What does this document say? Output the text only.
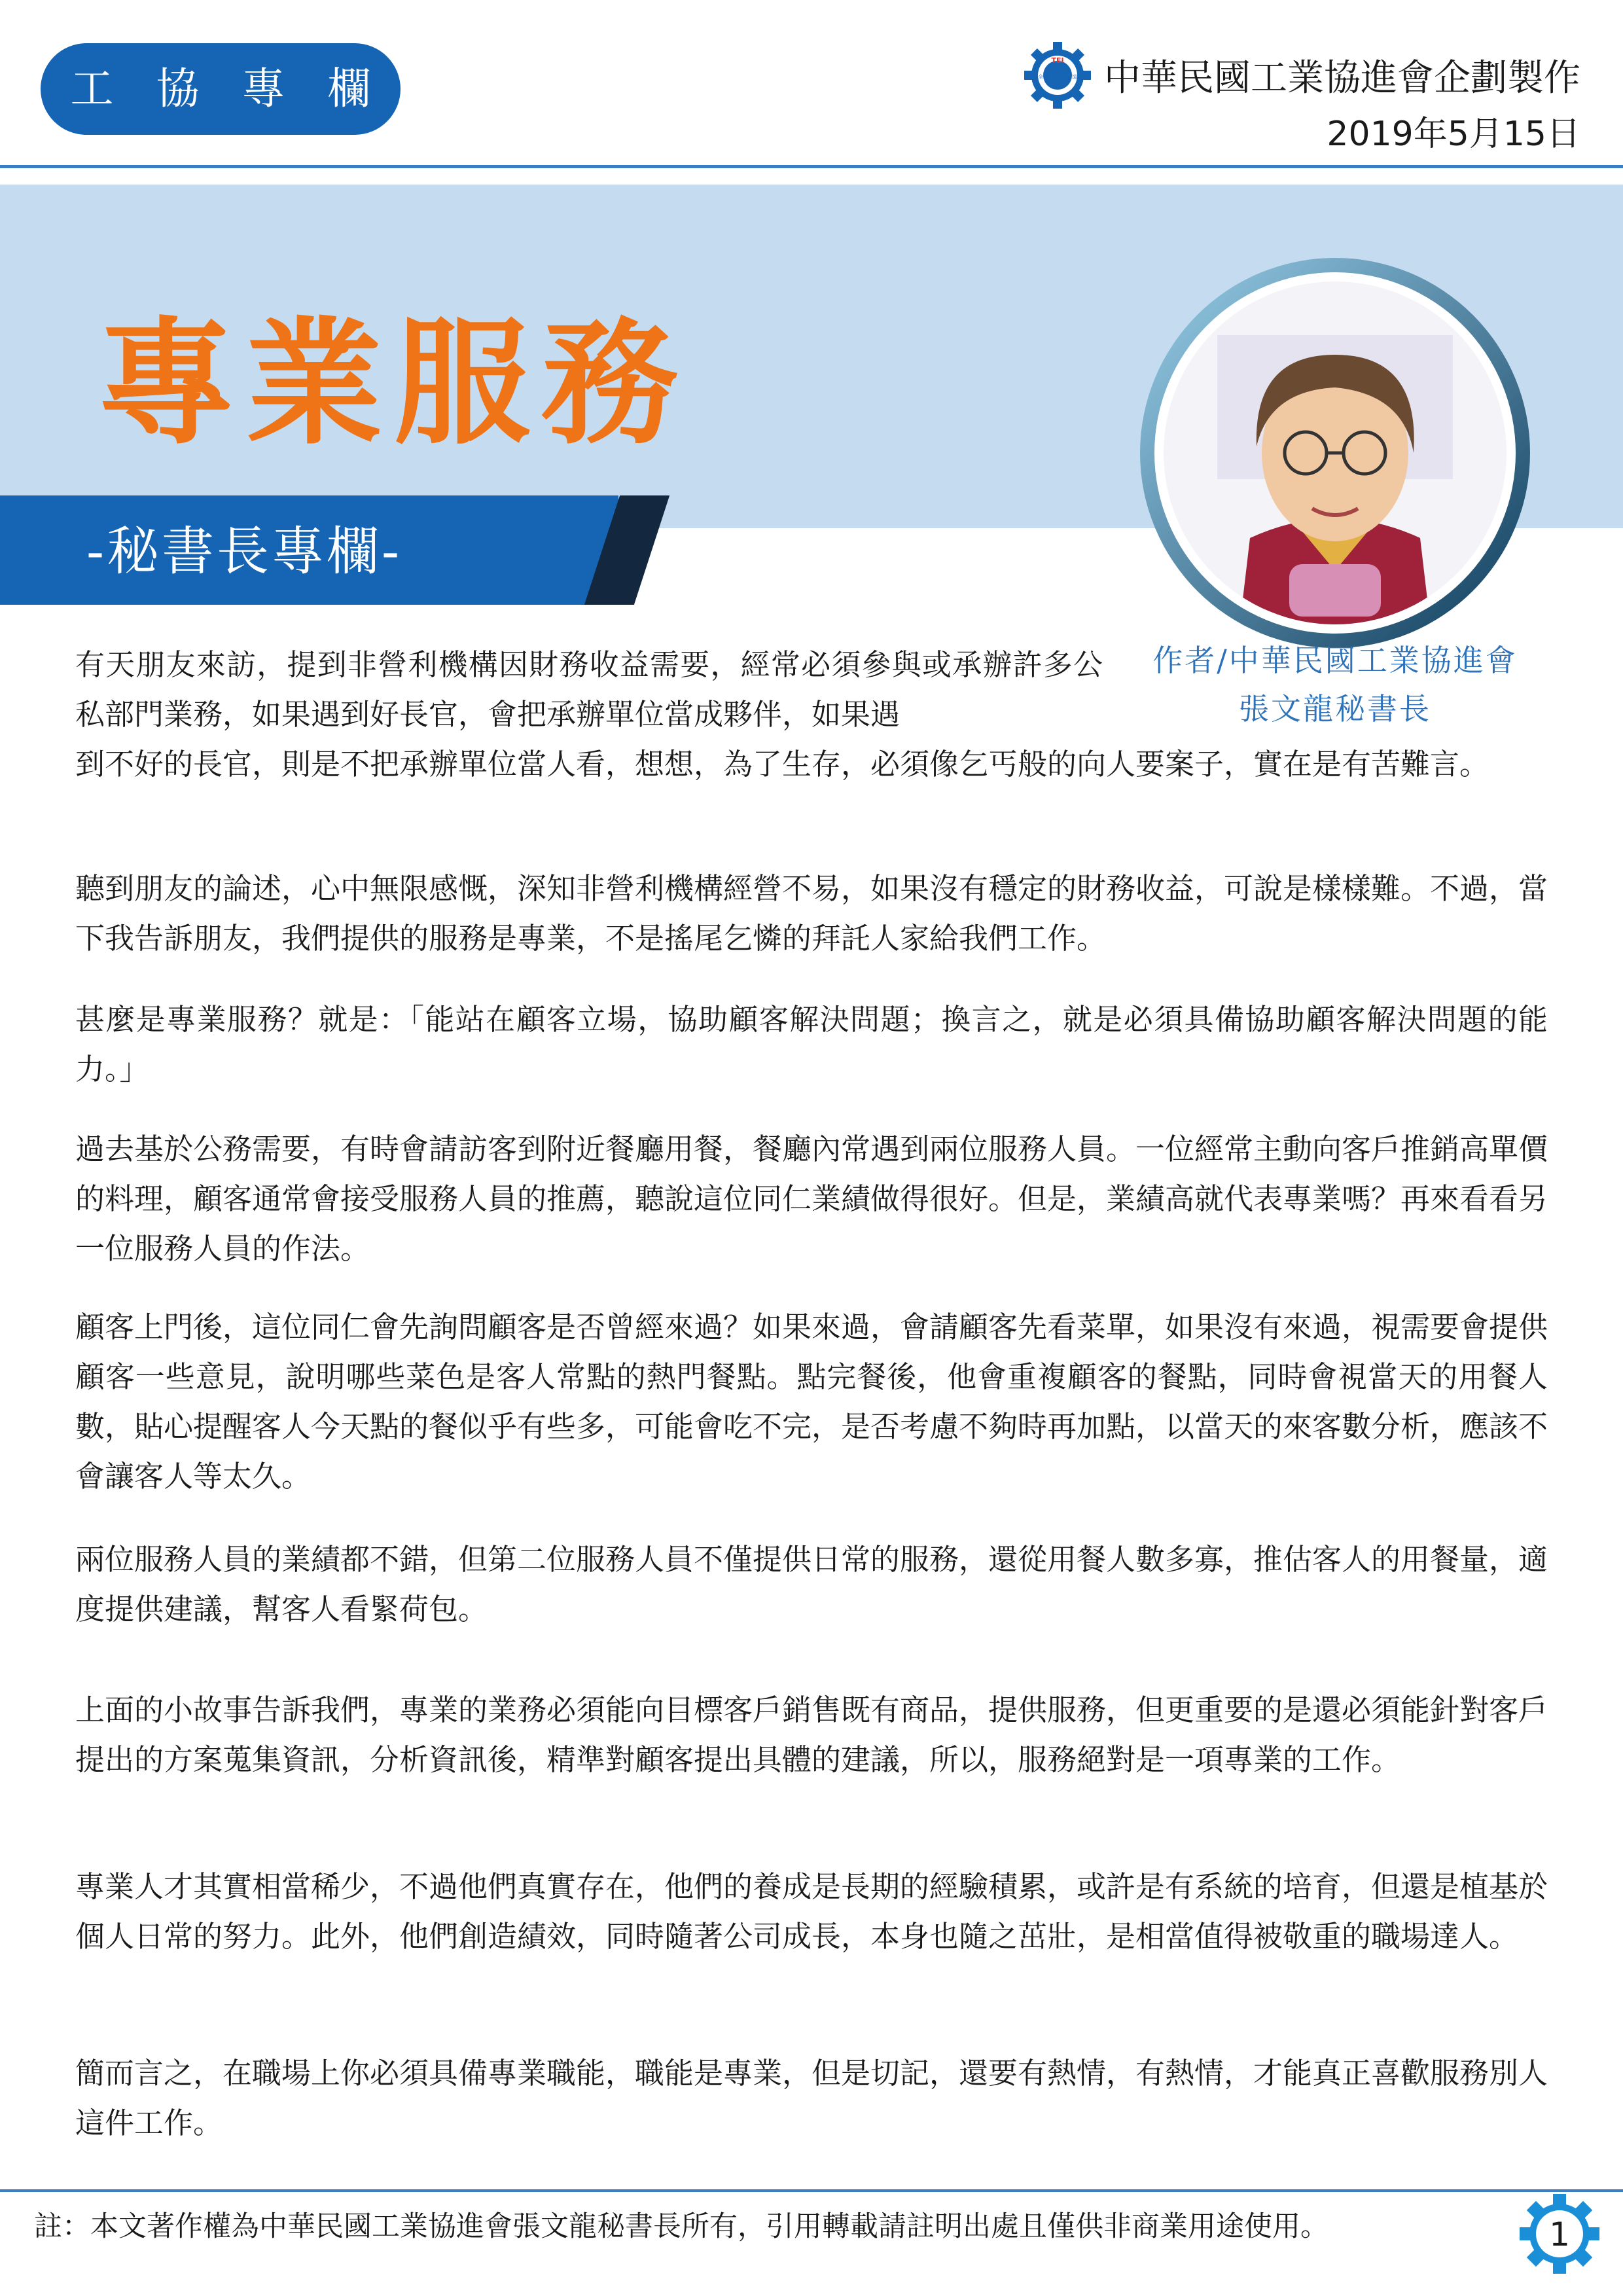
工 協 專 欄
TEI
全國	工協 中華民國工業協進會企劃製作
2019年5月15日
專業服務
-秘書長專欄-
作者/中華民國工業協進會
張文龍秘書長

有天朋友來訪，提到非營利機構因財務收益需要，經常必須參與或承辦許多公私部門業務，如果遇到好長官，會把承辦單位當成夥伴，如果遇

到不好的長官，則是不把承辦單位當人看，想想，為了生存，必須像乞丐般的向人要案子，實在是有苦難言。

聽到朋友的論述，心中無限感慨，深知非營利機構經營不易，如果沒有穩定的財務收益，可說是樣樣難。不過，當下我告訴朋友，我們提供的服務是專業，不是搖尾乞憐的拜託人家給我們工作。

甚麼是專業服務？就是：「能站在顧客立場，協助顧客解決問題；換言之，就是必須具備協助顧客解決問題的能力。」

過去基於公務需要，有時會請訪客到附近餐廳用餐，餐廳內常遇到兩位服務人員。一位經常主動向客戶推銷高單價的料理，顧客通常會接受服務人員的推薦，聽說這位同仁業績做得很好。但是，業績高就代表專業嗎？再來看看另一位服務人員的作法。

顧客上門後，這位同仁會先詢問顧客是否曾經來過？如果來過，會請顧客先看菜單，如果沒有來過，視需要會提供顧客一些意見，說明哪些菜色是客人常點的熱門餐點。點完餐後，他會重複顧客的餐點，同時會視當天的用餐人數，貼心提醒客人今天點的餐似乎有些多，可能會吃不完，是否考慮不夠時再加點，以當天的來客數分析，應該不會讓客人等太久。

兩位服務人員的業績都不錯，但第二位服務人員不僅提供日常的服務，還從用餐人數多寡，推估客人的用餐量，適度提供建議，幫客人看緊荷包。

上面的小故事告訴我們，專業的業務必須能向目標客戶銷售既有商品，提供服務，但更重要的是還必須能針對客戶提出的方案蒐集資訊，分析資訊後，精準對顧客提出具體的建議，所以，服務絕對是一項專業的工作。

專業人才其實相當稀少，不過他們真實存在，他們的養成是長期的經驗積累，或許是有系統的培育，但還是植基於個人日常的努力。此外，他們創造績效，同時隨著公司成長，本身也隨之茁壯，是相當值得被敬重的職場達人。

簡而言之，在職場上你必須具備專業職能，職能是專業，但是切記，還要有熱情，有熱情，才能真正喜歡服務別人這件工作。

註：本文著作權為中華民國工業協進會張文龍秘書長所有，引用轉載請註明出處且僅供非商業用途使用。	1
